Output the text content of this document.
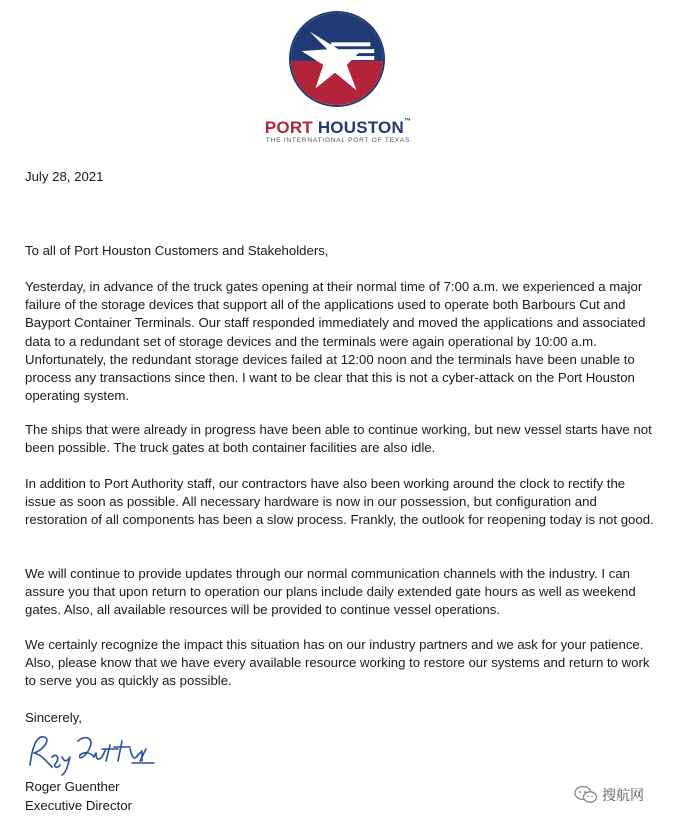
PORT HOUSTON™
THE INTERNATIONAL PORT OF TEXAS

July 28, 2021

To all of Port Houston Customers and Stakeholders,

Yesterday, in advance of the truck gates opening at their normal time of 7:00 a.m. we experienced a major failure of the storage devices that support all of the applications used to operate both Barbours Cut and Bayport Container Terminals. Our staff responded immediately and moved the applications and associated data to a redundant set of storage devices and the terminals were again operational by 10:00 a.m. Unfortunately, the redundant storage devices failed at 12:00 noon and the terminals have been unable to process any transactions since then. I want to be clear that this is not a cyber-attack on the Port Houston operating system.

The ships that were already in progress have been able to continue working, but new vessel starts have not been possible. The truck gates at both container facilities are also idle.

In addition to Port Authority staff, our contractors have also been working around the clock to rectify the issue as soon as possible. All necessary hardware is now in our possession, but configuration and restoration of all components has been a slow process. Frankly, the outlook for reopening today is not good.

We will continue to provide updates through our normal communication channels with the industry. I can assure you that upon return to operation our plans include daily extended gate hours as well as weekend gates. Also, all available resources will be provided to continue vessel operations.

We certainly recognize the impact this situation has on our industry partners and we ask for your patience. Also, please know that we have every available resource working to restore our systems and return to work to serve you as quickly as possible.

Sincerely,

Roger Guenther

Executive Director

搜航网
